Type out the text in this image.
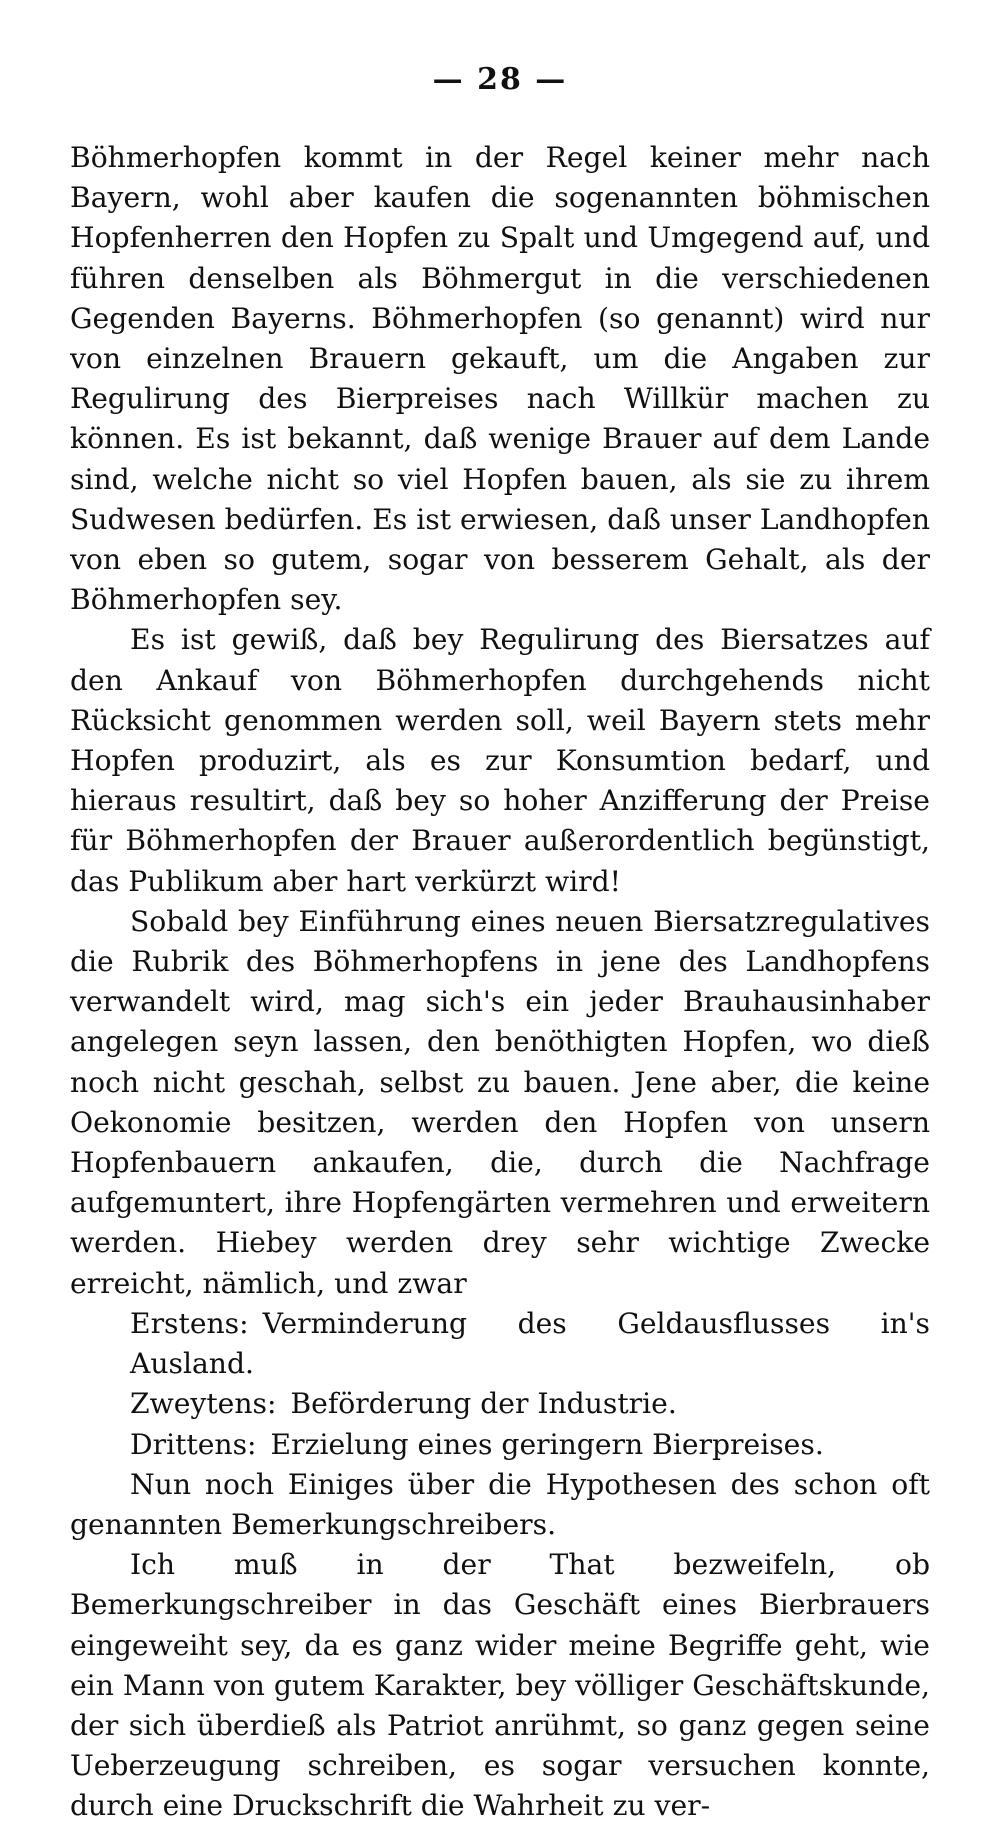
— 28 —

Böhmerhopfen kommt in der Regel keiner mehr nach Bayern, wohl aber kaufen die sogenannten böhmischen Hopfenherren den Hopfen zu Spalt und Umgegend auf, und führen denselben als Böhmergut in die verschiedenen Gegenden Bayerns. Böhmerhopfen (so genannt) wird nur von einzelnen Brauern gekauft, um die Angaben zur Regulirung des Bierpreises nach Willkür machen zu können. Es ist bekannt, daß wenige Brauer auf dem Lande sind, welche nicht so viel Hopfen bauen, als sie zu ihrem Sudwesen bedürfen. Es ist erwiesen, daß unser Landhopfen von eben so gutem, sogar von besserem Gehalt, als der Böhmerhopfen sey.

Es ist gewiß, daß bey Regulirung des Biersatzes auf den Ankauf von Böhmerhopfen durchgehends nicht Rücksicht genommen werden soll, weil Bayern stets mehr Hopfen produzirt, als es zur Konsumtion bedarf, und hieraus resultirt, daß bey so hoher Anzifferung der Preise für Böhmerhopfen der Brauer außerordentlich begünstigt, das Publikum aber hart verkürzt wird!

Sobald bey Einführung eines neuen Biersatzregulatives die Rubrik des Böhmerhopfens in jene des Landhopfens verwandelt wird, mag sich's ein jeder Brauhausinhaber angelegen seyn lassen, den benöthigten Hopfen, wo dieß noch nicht geschah, selbst zu bauen. Jene aber, die keine Oekonomie besitzen, werden den Hopfen von unsern Hopfenbauern ankaufen, die, durch die Nachfrage aufgemuntert, ihre Hopfengärten vermehren und erweitern werden. Hiebey werden drey sehr wichtige Zwecke erreicht, nämlich, und zwar

Erstens: Verminderung des Geldausflusses in's Ausland.

Zweytens: Beförderung der Industrie.

Drittens: Erzielung eines geringern Bierpreises.

Nun noch Einiges über die Hypothesen des schon oft genannten Bemerkungschreibers.

Ich muß in der That bezweifeln, ob Bemerkungschreiber in das Geschäft eines Bierbrauers eingeweiht sey, da es ganz wider meine Begriffe geht, wie ein Mann von gutem Karakter, bey völliger Geschäftskunde, der sich überdieß als Patriot anrühmt, so ganz gegen seine Ueberzeugung schreiben, es sogar versuchen konnte, durch eine Druckschrift die Wahrheit zu ver-
